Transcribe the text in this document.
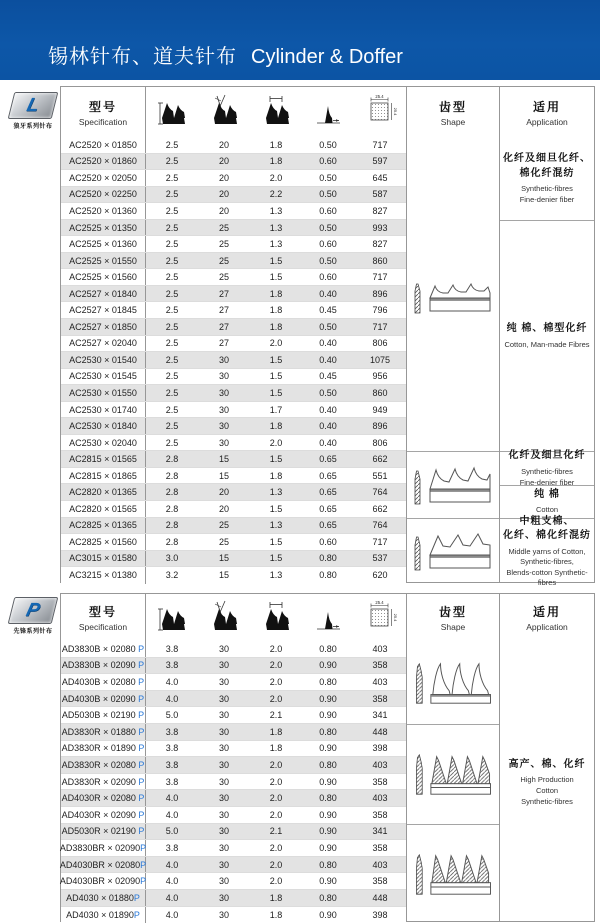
锡林针布、道夫针布 Cylinder & Doffer
L
狼牙系列针布
P
先锋系列针布
型号
Specification
25.4
25.4	齿型
Shape
适用
Application
AC2520 × 01850	2.5	20	1.8	0.50	717
AC2520 × 01860	2.5	20	1.8	0.60	597
AC2520 × 02050	2.5	20	2.0	0.50	645
AC2520 × 02250	2.5	20	2.2	0.50	587
AC2520 × 01360	2.5	20	1.3	0.60	827
AC2525 × 01350	2.5	25	1.3	0.50	993
AC2525 × 01360	2.5	25	1.3	0.60	827
AC2525 × 01550	2.5	25	1.5	0.50	860
AC2525 × 01560	2.5	25	1.5	0.60	717
AC2527 × 01840	2.5	27	1.8	0.40	896
AC2527 × 01845	2.5	27	1.8	0.45	796
AC2527 × 01850	2.5	27	1.8	0.50	717
AC2527 × 02040	2.5	27	2.0	0.40	806
AC2530 × 01540	2.5	30	1.5	0.40	1075
AC2530 × 01545	2.5	30	1.5	0.45	956
AC2530 × 01550	2.5	30	1.5	0.50	860
AC2530 × 01740	2.5	30	1.7	0.40	949
AC2530 × 01840	2.5	30	1.8	0.40	896
AC2530 × 02040	2.5	30	2.0	0.40	806
AC2815 × 01565	2.8	15	1.5	0.65	662
AC2815 × 01865	2.8	15	1.8	0.65	551
AC2820 × 01365	2.8	20	1.3	0.65	764
AC2820 × 01565	2.8	20	1.5	0.65	662
AC2825 × 01365	2.8	25	1.3	0.65	764
AC2825 × 01560	2.8	25	1.5	0.60	717
AC3015 × 01580	3.0	15	1.5	0.80	537
AC3215 × 01380	3.2	15	1.3	0.80	620
化纤及细旦化纤、
棉化纤混纺
Synthetic-fibres
Fine-denier fiber
纯 棉、棉型化纤
Cotton, Man-made Fibres
化纤及细旦化纤
Synthetic-fibres
Fine-denier fiber
纯 棉
Cotton
中粗支棉、
化纤、棉化纤混纺
Middle yarns of Cotton,
Synthetic-fibres,
Blends-cotton Synthetic-fibres
型号
Specification
25.4
25.4	齿型
Shape
适用
Application
AD3830B × 02080 P	3.8	30	2.0	0.80	403
AD3830B × 02090 P	3.8	30	2.0	0.90	358
AD4030B × 02080 P	4.0	30	2.0	0.80	403
AD4030B × 02090 P	4.0	30	2.0	0.90	358
AD5030B × 02190 P	5.0	30	2.1	0.90	341
AD3830R × 01880 P	3.8	30	1.8	0.80	448
AD3830R × 01890 P	3.8	30	1.8	0.90	398
AD3830R × 02080 P	3.8	30	2.0	0.80	403
AD3830R × 02090 P	3.8	30	2.0	0.90	358
AD4030R × 02080 P	4.0	30	2.0	0.80	403
AD4030R × 02090 P	4.0	30	2.0	0.90	358
AD5030R × 02190 P	5.0	30	2.1	0.90	341
AD3830BR × 02090 P	3.8	30	2.0	0.90	358
AD4030BR × 02080 P	4.0	30	2.0	0.80	403
AD4030BR × 02090 P	4.0	30	2.0	0.90	358
AD4030 × 01880 P	4.0	30	1.8	0.80	448
AD4030 × 01890 P	4.0	30	1.8	0.90	398
高产、棉、化纤
High Production
Cotton
Synthetic-fibres
